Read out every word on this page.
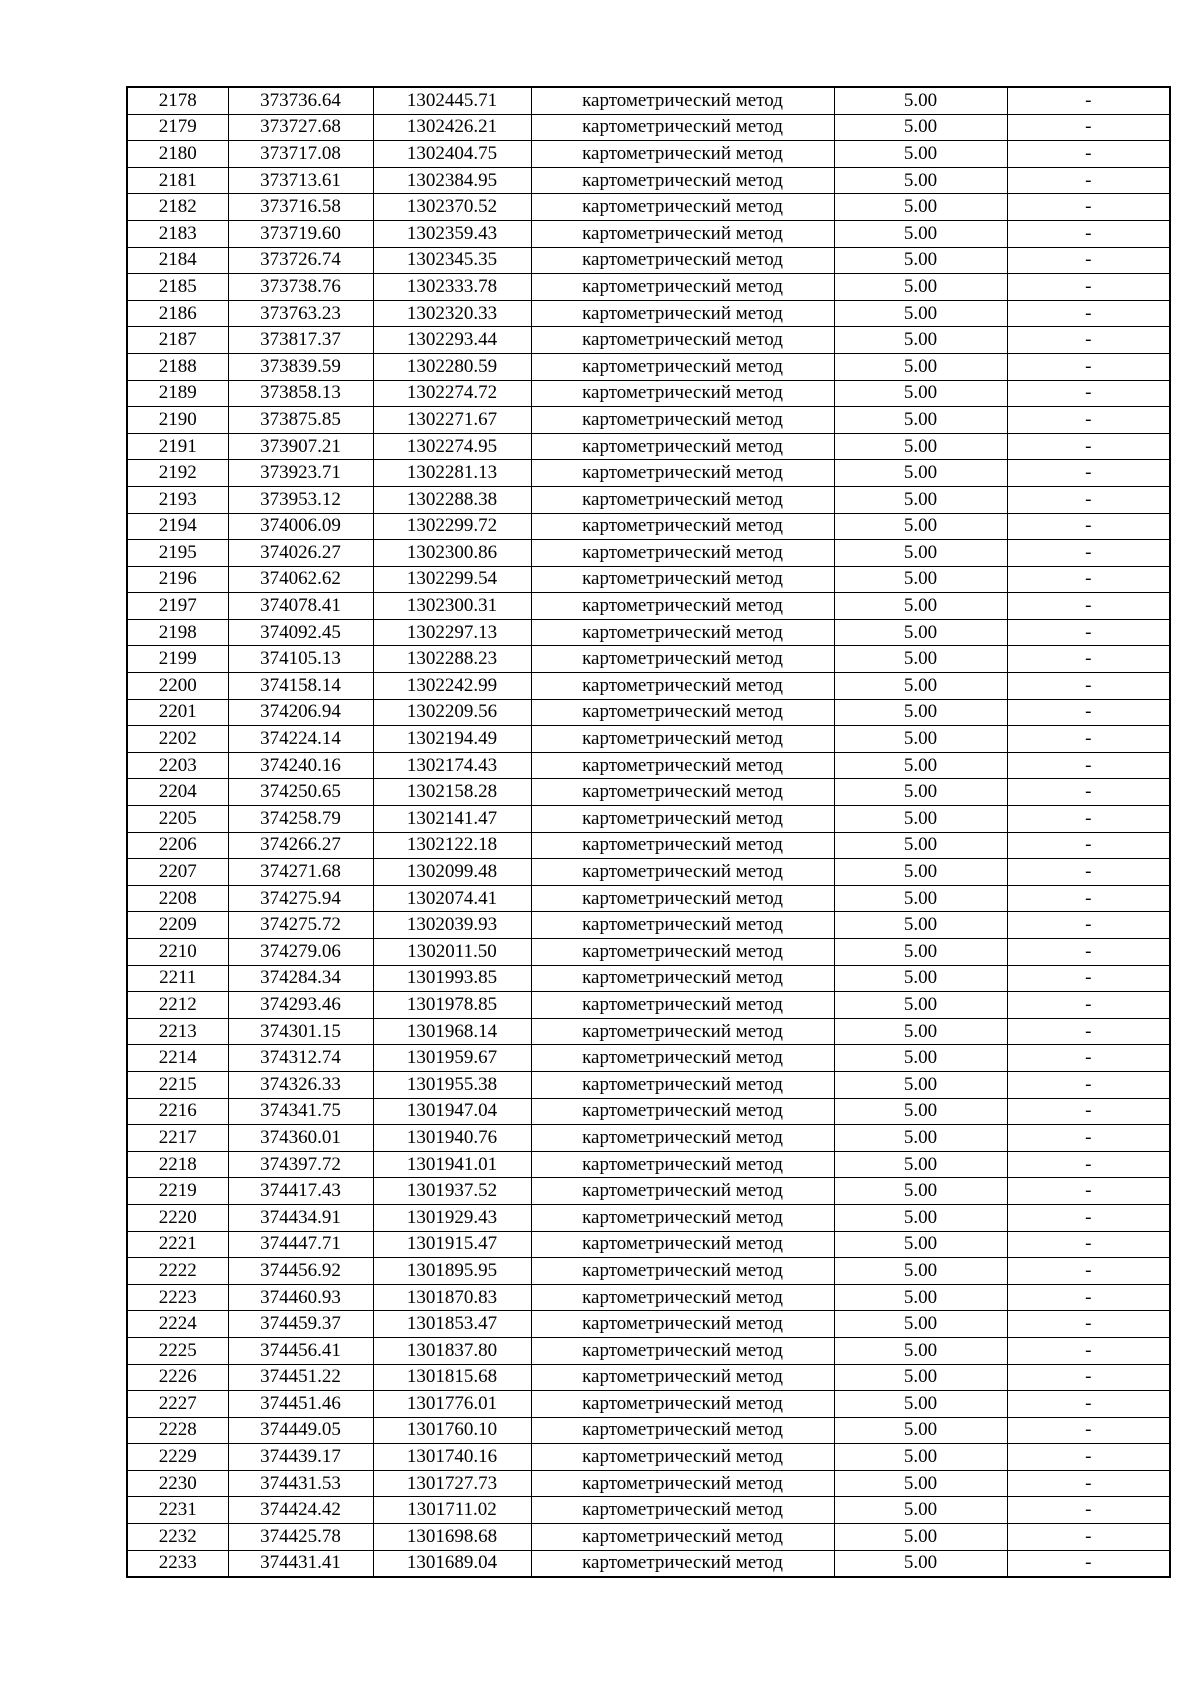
2178	373736.64	1302445.71	картометрический метод	5.00	-
2179	373727.68	1302426.21	картометрический метод	5.00	-
2180	373717.08	1302404.75	картометрический метод	5.00	-
2181	373713.61	1302384.95	картометрический метод	5.00	-
2182	373716.58	1302370.52	картометрический метод	5.00	-
2183	373719.60	1302359.43	картометрический метод	5.00	-
2184	373726.74	1302345.35	картометрический метод	5.00	-
2185	373738.76	1302333.78	картометрический метод	5.00	-
2186	373763.23	1302320.33	картометрический метод	5.00	-
2187	373817.37	1302293.44	картометрический метод	5.00	-
2188	373839.59	1302280.59	картометрический метод	5.00	-
2189	373858.13	1302274.72	картометрический метод	5.00	-
2190	373875.85	1302271.67	картометрический метод	5.00	-
2191	373907.21	1302274.95	картометрический метод	5.00	-
2192	373923.71	1302281.13	картометрический метод	5.00	-
2193	373953.12	1302288.38	картометрический метод	5.00	-
2194	374006.09	1302299.72	картометрический метод	5.00	-
2195	374026.27	1302300.86	картометрический метод	5.00	-
2196	374062.62	1302299.54	картометрический метод	5.00	-
2197	374078.41	1302300.31	картометрический метод	5.00	-
2198	374092.45	1302297.13	картометрический метод	5.00	-
2199	374105.13	1302288.23	картометрический метод	5.00	-
2200	374158.14	1302242.99	картометрический метод	5.00	-
2201	374206.94	1302209.56	картометрический метод	5.00	-
2202	374224.14	1302194.49	картометрический метод	5.00	-
2203	374240.16	1302174.43	картометрический метод	5.00	-
2204	374250.65	1302158.28	картометрический метод	5.00	-
2205	374258.79	1302141.47	картометрический метод	5.00	-
2206	374266.27	1302122.18	картометрический метод	5.00	-
2207	374271.68	1302099.48	картометрический метод	5.00	-
2208	374275.94	1302074.41	картометрический метод	5.00	-
2209	374275.72	1302039.93	картометрический метод	5.00	-
2210	374279.06	1302011.50	картометрический метод	5.00	-
2211	374284.34	1301993.85	картометрический метод	5.00	-
2212	374293.46	1301978.85	картометрический метод	5.00	-
2213	374301.15	1301968.14	картометрический метод	5.00	-
2214	374312.74	1301959.67	картометрический метод	5.00	-
2215	374326.33	1301955.38	картометрический метод	5.00	-
2216	374341.75	1301947.04	картометрический метод	5.00	-
2217	374360.01	1301940.76	картометрический метод	5.00	-
2218	374397.72	1301941.01	картометрический метод	5.00	-
2219	374417.43	1301937.52	картометрический метод	5.00	-
2220	374434.91	1301929.43	картометрический метод	5.00	-
2221	374447.71	1301915.47	картометрический метод	5.00	-
2222	374456.92	1301895.95	картометрический метод	5.00	-
2223	374460.93	1301870.83	картометрический метод	5.00	-
2224	374459.37	1301853.47	картометрический метод	5.00	-
2225	374456.41	1301837.80	картометрический метод	5.00	-
2226	374451.22	1301815.68	картометрический метод	5.00	-
2227	374451.46	1301776.01	картометрический метод	5.00	-
2228	374449.05	1301760.10	картометрический метод	5.00	-
2229	374439.17	1301740.16	картометрический метод	5.00	-
2230	374431.53	1301727.73	картометрический метод	5.00	-
2231	374424.42	1301711.02	картометрический метод	5.00	-
2232	374425.78	1301698.68	картометрический метод	5.00	-
2233	374431.41	1301689.04	картометрический метод	5.00	-
